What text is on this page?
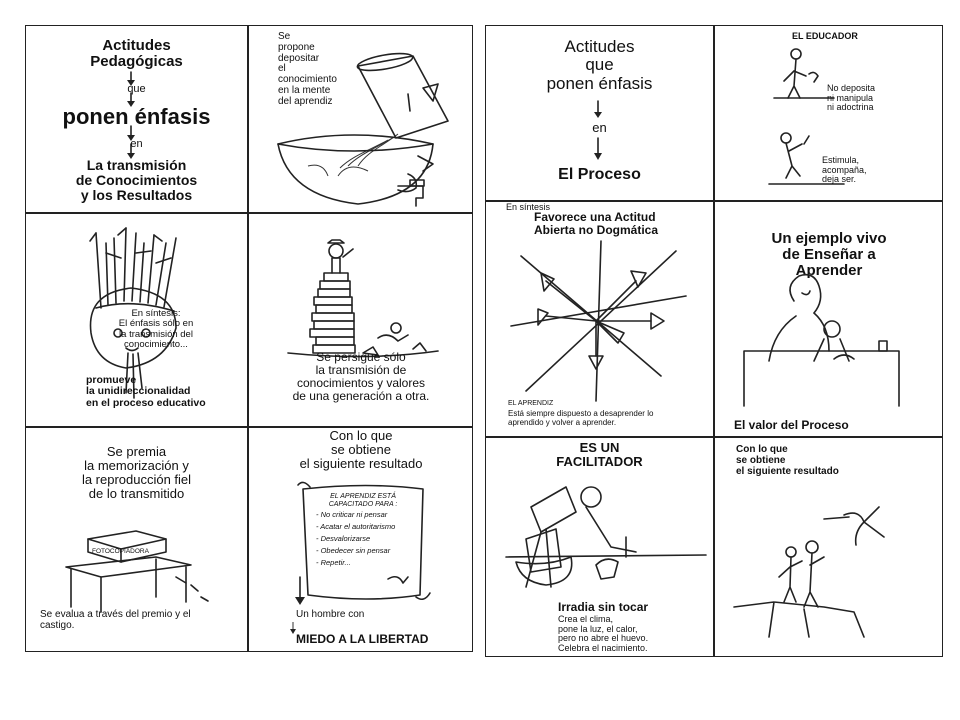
Actitudes
Pedagógicas
que
ponen énfasis
en
La transmisión
de Conocimientos
y los Resultados
Se
propone
depositar
el
conocimiento
en la mente
del aprendiz
En síntesis:
El énfasis sólo en
la transmisión del
conocimiento...
promueve
la unidireccionalidad
en el proceso educativo
Se persigue sólo
la transmisión de
conocimientos y valores
de una generación a otra.
Se premia
la memorización y
la reproducción fiel
de lo transmitido
FOTOCOPIADORA
Se evalua a través del premio y el
castigo.
Con lo que
se obtiene
el siguiente resultado
EL APRENDIZ ESTÁ
CAPACITADO PARA :
- No criticar ni pensar
- Acatar el autoritarismo
- Desvalorizarse
- Obedecer sin pensar
- Repetir...
Un hombre con
MIEDO A LA LIBERTAD
Actitudes
que
ponen énfasis
en
El Proceso
EL EDUCADOR
No deposita
ni manipula
ni adoctrina
Estimula,
acompaña,
deja ser.
En síntesis
Favorece una Actitud
Abierta no Dogmática
EL APRENDIZ
Está siempre dispuesto a desaprender lo
aprendido y volver a aprender.
Un ejemplo vivo
de Enseñar a
Aprender
El valor del Proceso
ES UN
FACILITADOR
Irradia sin tocar
Crea el clima,
pone la luz, el calor,
pero no abre el huevo.
Celebra el nacimiento.
Con lo que
se obtiene
el siguiente resultado
